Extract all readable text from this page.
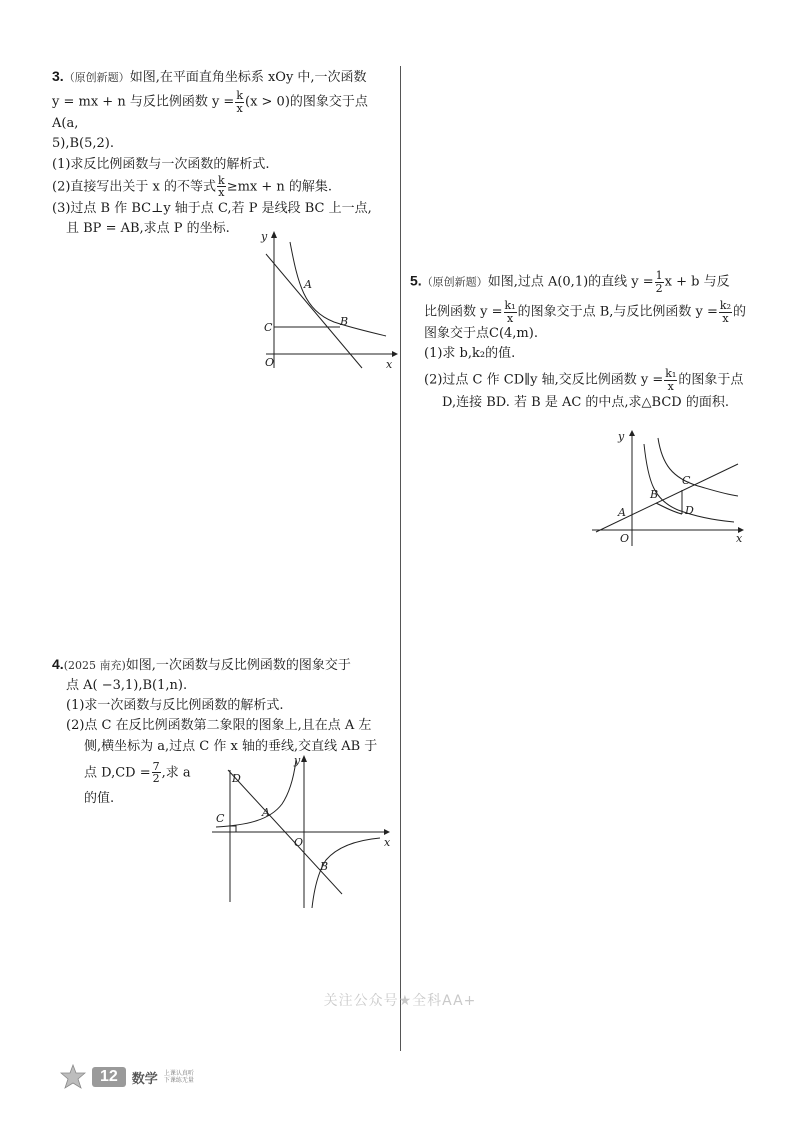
3.（原创新题）如图,在平面直角坐标系 xOy 中,一次函数

y = mx + n 与反比例函数 $y = \frac{k}{x} (x > 0)$的图象交于点 A(a,

5),B(5,2).

(1)求反比例函数与一次函数的解析式.

(2)直接写出关于 x 的不等式 $\frac{k}{x} \ge mx + n$ 的解集.

(3)过点 B 作 BC⊥y 轴于点 C,若 P 是线段 BC 上一点,

且 BP = AB,求点 P 的坐标.

y
x
A
B
C
O

5.（原创新题）如图,过点 A(0,1)的直线 $y = \frac{1}{2}$ x + b 与反

比例函数 $y = \frac{\text{k₁}}{x}$ 的图象交于点 B,与反比例函数 $y = \frac{\text{k₂}}{x}$ 的

图象交于点C(4,m).

(1)求 b,k₂的值.

(2)过点 C 作 CD∥y 轴,交反比例函数 $y = \frac{\text{k₁}}{x}$ 的图象于点

D,连接 BD. 若 B 是 AC 的中点,求△BCD 的面积.

y
x
A
B
C
D
O

4.(2025 南充)如图,一次函数与反比例函数的图象交于

点 A( −3,1),B(1,n).

(1)求一次函数与反比例函数的解析式.

(2)点 C 在反比例函数第二象限的图象上,且在点 A 左

侧,横坐标为 a,过点 C 作 x 轴的垂线,交直线 AB 于

点 $D,CD = \frac{7}{2}$ ,求 a

的值.

y
x
A
B
C
D
O
关注公众号★全科AA+
12	数学 上课认真听
下课练无量
